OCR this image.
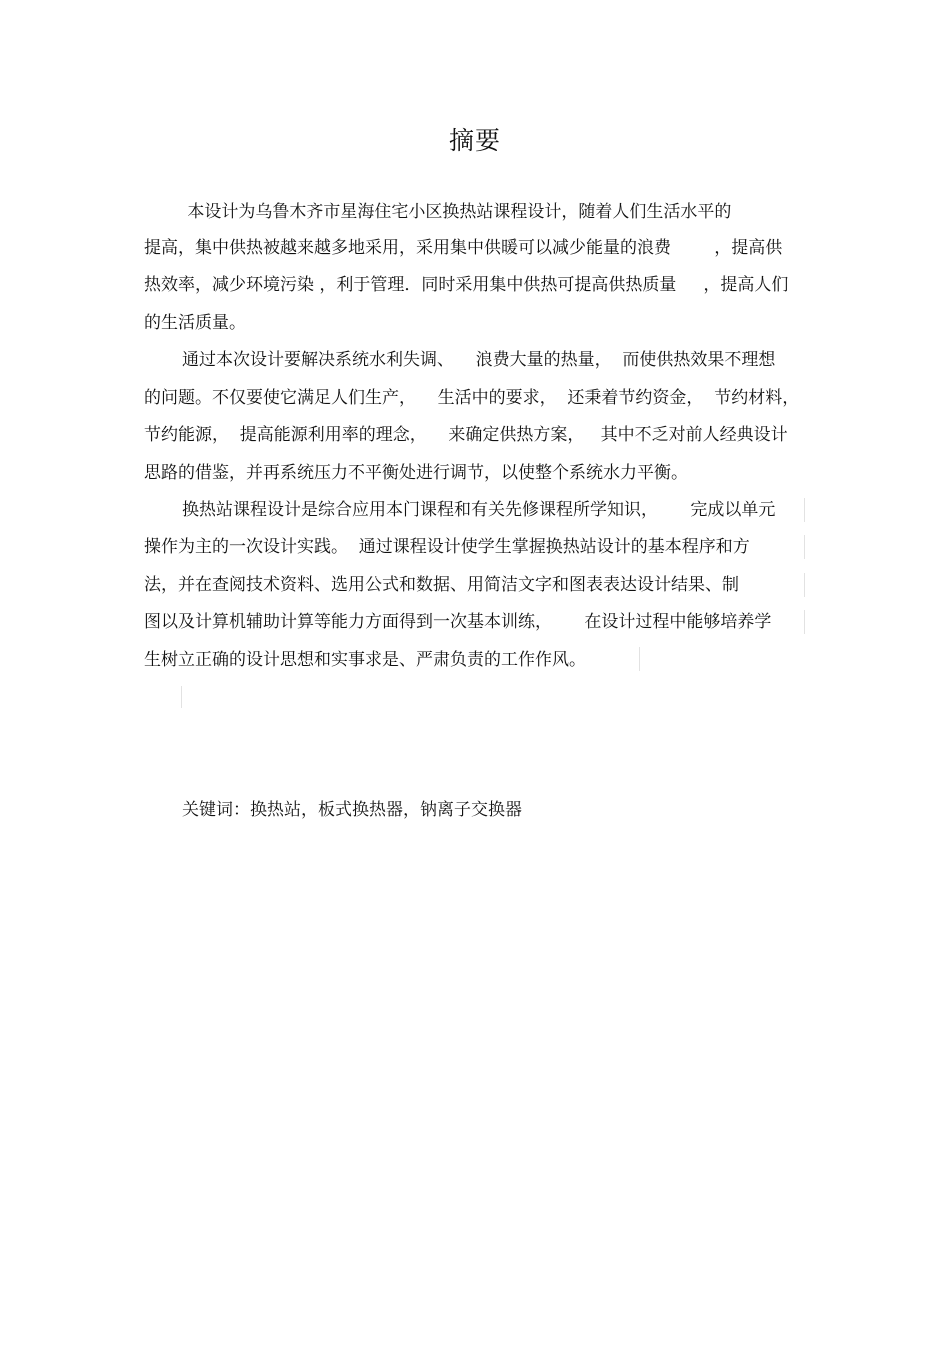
摘要
本设计为乌鲁木齐市星海住宅小区换热站课程设计，随着人们生活水平的
提高，集中供热被越来越多地采用，采用集中供暖可以减少能量的浪费        ，提高供
热效率，减少环境污染 ，利于管理．同时采用集中供热可提高供热质量     ，提高人们
的生活质量。
通过本次设计要解决系统水利失调、    浪费大量的热量，  而使供热效果不理想
的问题。不仅要使它满足人们生产，    生活中的要求，  还秉着节约资金，  节约材料，
节约能源，  提高能源利用率的理念，    来确定供热方案，   其中不乏对前人经典设计
思路的借鉴，并再系统压力不平衡处进行调节，以使整个系统水力平衡。
换热站课程设计是综合应用本门课程和有关先修课程所学知识，      完成以单元
操作为主的一次设计实践。  通过课程设计使学生掌握换热站设计的基本程序和方
法，并在查阅技术资料、选用公式和数据、用简洁文字和图表表达设计结果、制
图以及计算机辅助计算等能力方面得到一次基本训练，      在设计过程中能够培养学
生树立正确的设计思想和实事求是、严肃负责的工作作风。
关键词：换热站，板式换热器，钠离子交换器
